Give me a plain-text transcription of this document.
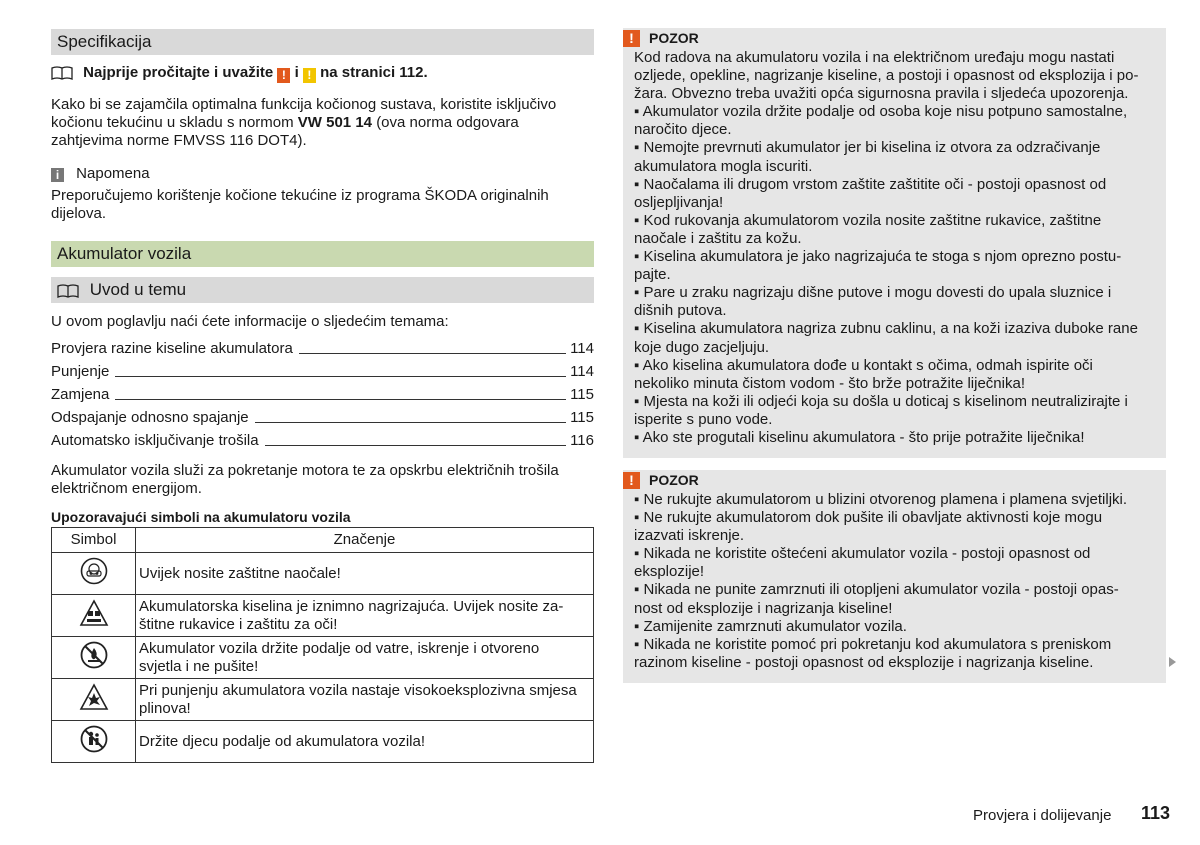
Specifikacija
Najprije pročitajte i uvažite ! i ! na stranici 112.

Kako bi se zajamčila optimalna funkcija kočionog sustava, koristite isključivo

kočionu tekućinu u skladu s normom VW 501 14 (ova norma odgovara

zahtjevima norme FMVSS 116 DOT4).

i Napomena

Preporučujemo korištenje kočione tekućine iz programa ŠKODA originalnih

dijelova.

Akumulator vozila
Uvod u temu

U ovom poglavlju naći ćete informacije o sljedećim temama:

Provjera razine kiseline akumulatora	114
Punjenje	114
Zamjena	115
Odspajanje odnosno spajanje	115
Automatsko isključivanje trošila	116

Akumulator vozila služi za pokretanje motora te za opskrbu električnih trošila

električnom energijom.

Upozoravajući simboli na akumulatoru vozila

Simbol	Značenje

Uvijek nosite zaštitne naočale!

Akumulatorska kiselina je iznimno nagrizajuća. Uvijek nosite za-
štitne rukavice i zaštitu za oči!

Akumulator vozila držite podalje od vatre, iskrenje i otvoreno
svjetla i ne pušite!

Pri punjenju akumulatora vozila nastaje visokoeksplozivna smjesa
plinova!

Držite djecu podalje od akumulatora vozila!
!	POZOR
Kod radova na akumulatoru vozila i na električnom uređaju mogu nastati
ozljede, opekline, nagrizanje kiseline, a postoji i opasnost od eksplozija i po-
žara. Obvezno treba uvažiti opća sigurnosna pravila i sljedeća upozorenja.
▪ Akumulator vozila držite podalje od osoba koje nisu potpuno samostalne,
naročito djece.
▪ Nemojte prevrnuti akumulator jer bi kiselina iz otvora za odzračivanje
akumulatora mogla iscuriti.
▪ Naočalama ili drugom vrstom zaštite zaštitite oči - postoji opasnost od
osljepljivanja!
▪ Kod rukovanja akumulatorom vozila nosite zaštitne rukavice, zaštitne
naočale i zaštitu za kožu.
▪ Kiselina akumulatora je jako nagrizajuća te stoga s njom oprezno postu-
pajte.
▪ Pare u zraku nagrizaju dišne putove i mogu dovesti do upala sluznice i
dišnih putova.
▪ Kiselina akumulatora nagriza zubnu caklinu, a na koži izaziva duboke rane
koje dugo zacjeljuju.
▪ Ako kiselina akumulatora dođe u kontakt s očima, odmah ispirite oči
nekoliko minuta čistom vodom - što brže potražite liječnika!
▪ Mjesta na koži ili odjeći koja su došla u doticaj s kiselinom neutralizirajte i
isperite s puno vode.
▪ Ako ste progutali kiselinu akumulatora - što prije potražite liječnika!
!	POZOR
▪ Ne rukujte akumulatorom u blizini otvorenog plamena i plamena svjetiljki.
▪ Ne rukujte akumulatorom dok pušite ili obavljate aktivnosti koje mogu
izazvati iskrenje.
▪ Nikada ne koristite oštećeni akumulator vozila - postoji opasnost od
eksplozije!
▪ Nikada ne punite zamrznuti ili otopljeni akumulator vozila - postoji opas-
nost od eksplozije i nagrizanja kiseline!
▪ Zamijenite zamrznuti akumulator vozila.
▪ Nikada ne koristite pomoć pri pokretanju kod akumulatora s preniskom
razinom kiseline - postoji opasnost od eksplozije i nagrizanja kiseline.
Provjera i dolijevanje 113
